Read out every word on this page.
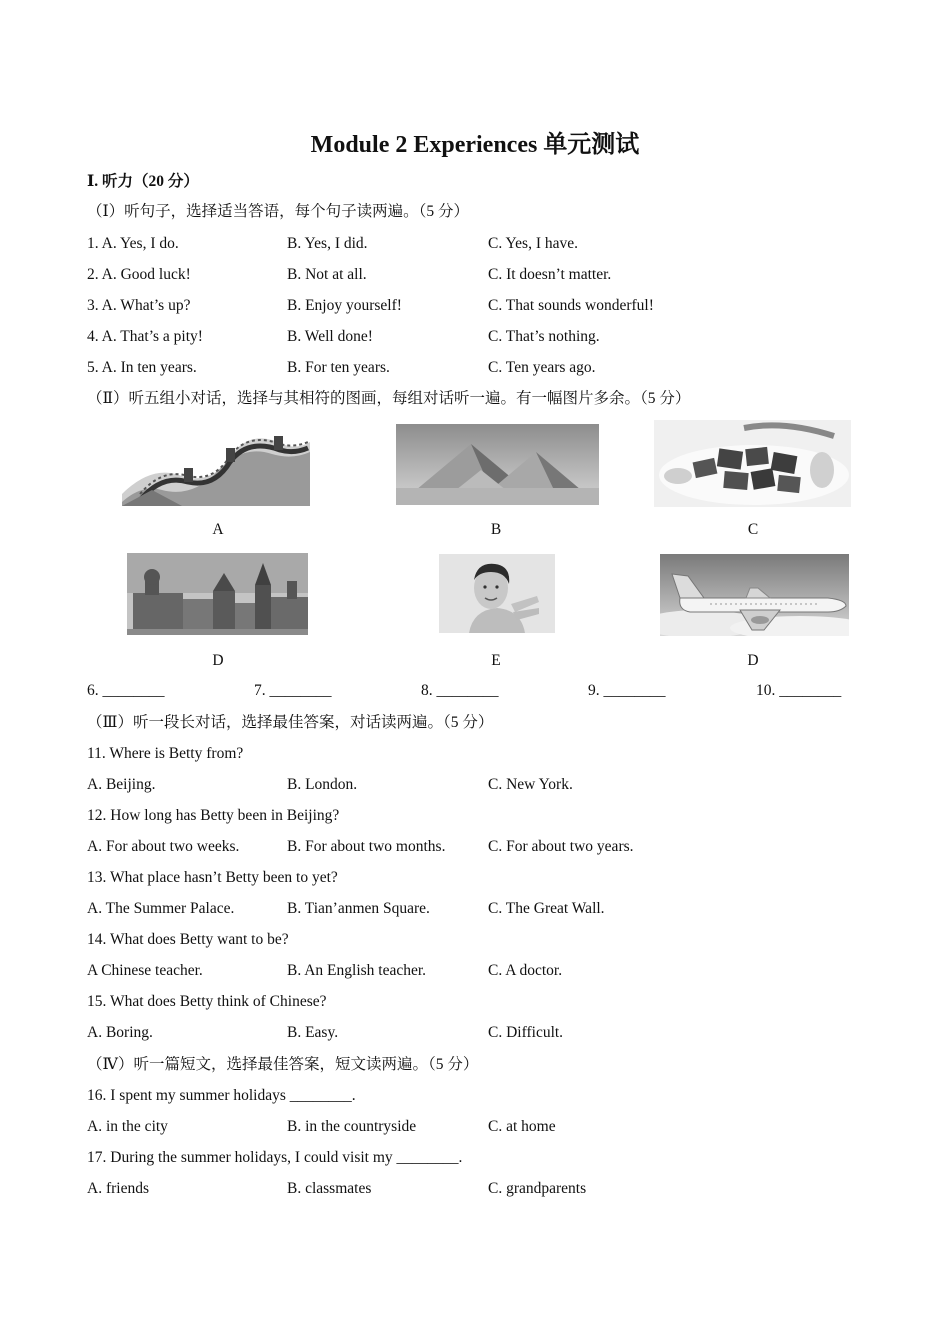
Module 2 Experiences 单元测试
Ⅰ. 听力（20 分）
（Ⅰ）听句子，选择适当答语，每个句子读两遍。（5 分）
1. A. Yes, I do.	B. Yes, I did.	C. Yes, I have.
2. A. Good luck!	B. Not at all.	C. It doesn’t matter.
3. A. What’s up?	B. Enjoy yourself!	C. That sounds wonderful!
4. A. That’s a pity!	B. Well done!	C. That’s nothing.
5. A. In ten years.	B. For ten years.	C. Ten years ago.
（Ⅱ）听五组小对话，选择与其相符的图画，每组对话听一遍。有一幅图片多余。（5 分）
A	B	C
D	E	D
6. ________	7. ________	8. ________	9. ________	10. ________
（Ⅲ）听一段长对话，选择最佳答案，对话读两遍。（5 分）
11. Where is Betty from?
A. Beijing.	B. London.	C. New York.
12. How long has Betty been in Beijing?
A. For about two weeks.	B. For about two months.	C. For about two years.
13. What place hasn’t Betty been to yet?
A. The Summer Palace.	B. Tian’anmen Square.	C. The Great Wall.
14. What does Betty want to be?
A Chinese teacher.	B. An English teacher.	C. A doctor.
15. What does Betty think of Chinese?
A. Boring.	B. Easy.	C. Difficult.
（Ⅳ）听一篇短文，选择最佳答案，短文读两遍。（5 分）
16. I spent my summer holidays ________.
A. in the city	B. in the countryside	C. at home
17. During the summer holidays, I could visit my ________.
A. friends	B. classmates	C. grandparents
